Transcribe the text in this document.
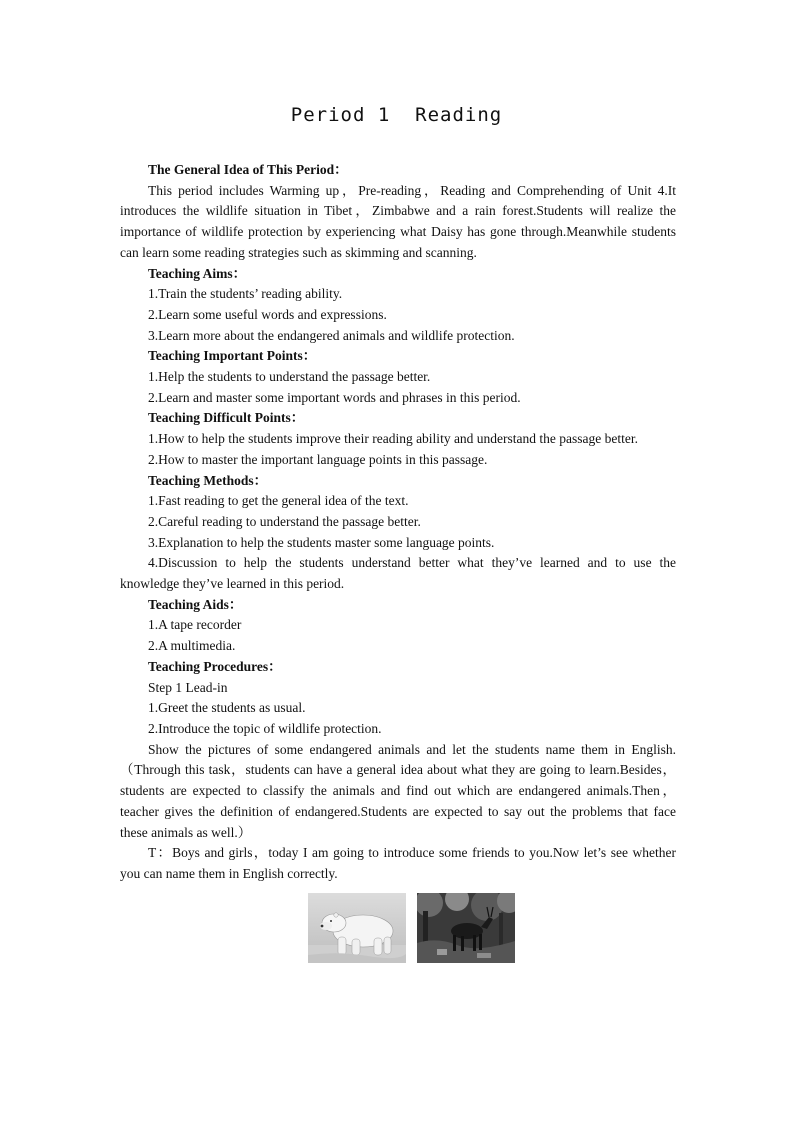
Period 1  Reading

The General Idea of This Period：

This period includes Warming up，Pre-reading，Reading and Comprehending of Unit 4.It introduces the wildlife situation in Tibet，Zimbabwe and a rain forest.Students will realize the importance of wildlife protection by experiencing what Daisy has gone through.Meanwhile students can learn some reading strategies such as skimming and scanning.

Teaching Aims：

1.Train the students’ reading ability.

2.Learn some useful words and expressions.

3.Learn more about the endangered animals and wildlife protection.

Teaching Important Points：

1.Help the students to understand the passage better.

2.Learn and master some important words and phrases in this period.

Teaching Difficult Points：

1.How to help the students improve their reading ability and understand the passage better.

2.How to master the important language points in this passage.

Teaching Methods：

1.Fast reading to get the general idea of the text.

2.Careful reading to understand the passage better.

3.Explanation to help the students master some language points.

4.Discussion to help the students understand better what they’ve learned and to use the knowledge they’ve learned in this period.

Teaching Aids：

1.A tape recorder

2.A multimedia.

Teaching Procedures：

Step 1 Lead-in

1.Greet the students as usual.

2.Introduce the topic of wildlife protection.

Show the pictures of some endangered animals and let the students name them in English.（Through this task，students can have a general idea about what they are going to learn.Besides，students are expected to classify the animals and find out which are endangered animals.Then，teacher gives the definition of endangered.Students are expected to say out the problems that face these animals as well.）

T：Boys and girls，today I am going to introduce some friends to you.Now let’s see whether you can name them in English correctly.
